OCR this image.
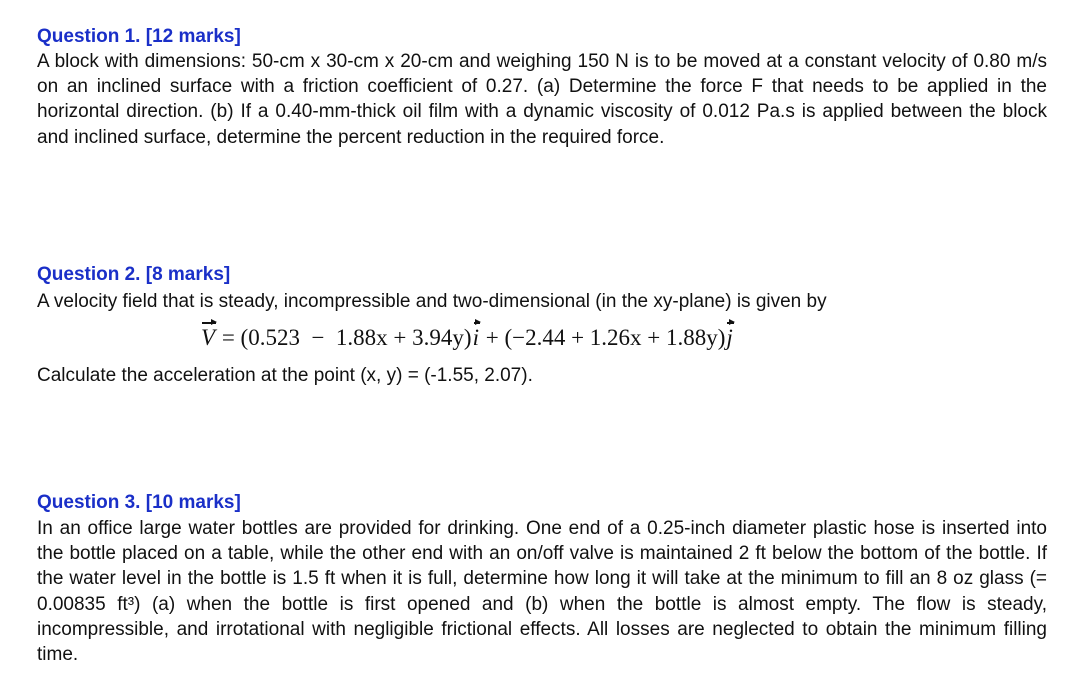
Question 1. [12 marks]
A block with dimensions: 50-cm x 30-cm x 20-cm and weighing 150 N is to be moved at a constant velocity of 0.80 m/s on an inclined surface with a friction coefficient of 0.27. (a) Determine the force F that needs to be applied in the horizontal direction. (b) If a 0.40-mm-thick oil film with a dynamic viscosity of 0.012 Pa.s is applied between the block and inclined surface, determine the percent reduction in the required force.
Question 2. [8 marks]
A velocity field that is steady, incompressible and two-dimensional (in the xy-plane) is given by
V = (0.523  −  1.88x + 3.94y)i + (−2.44 + 1.26x + 1.88y)j
Calculate the acceleration at the point (x, y) = (-1.55, 2.07).
Question 3. [10 marks]
In an office large water bottles are provided for drinking. One end of a 0.25-inch diameter plastic hose is inserted into the bottle placed on a table, while the other end with an on/off valve is maintained 2 ft below the bottom of the bottle. If the water level in the bottle is 1.5 ft when it is full, determine how long it will take at the minimum to fill an 8 oz glass (= 0.00835 ft³) (a) when the bottle is first opened and (b) when the bottle is almost empty. The flow is steady, incompressible, and irrotational with negligible frictional effects. All losses are neglected to obtain the minimum filling time.
